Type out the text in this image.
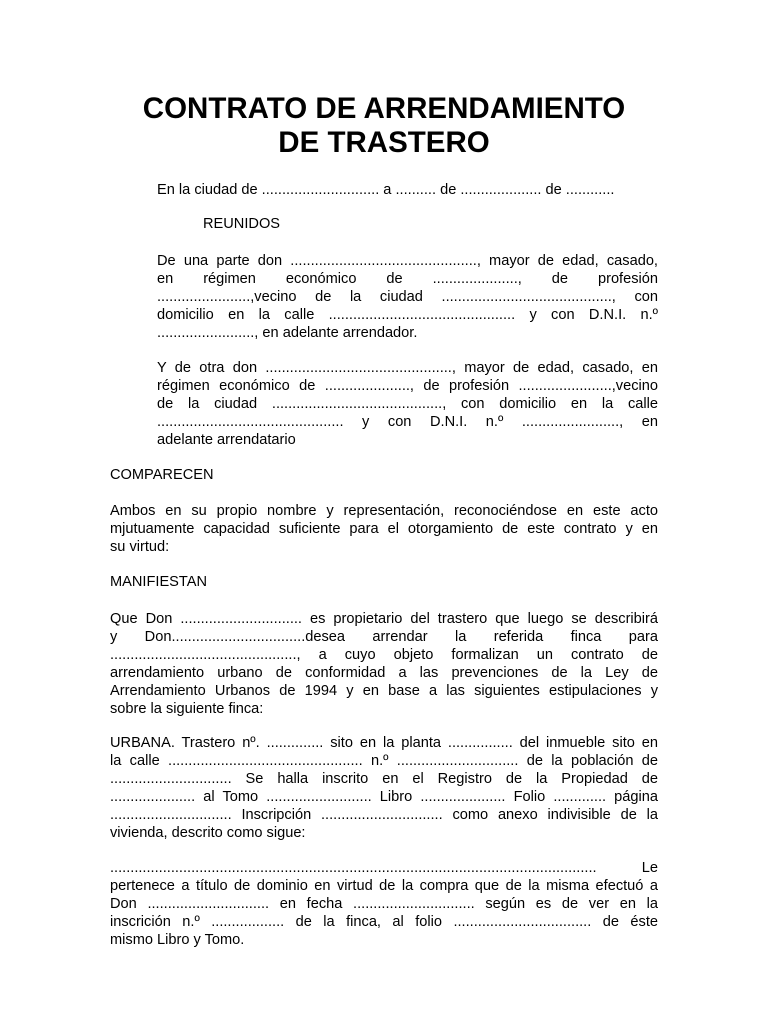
CONTRATO DE ARRENDAMIENTO
DE TRASTERO

En la ciudad de ............................. a .......... de .................... de ............

REUNIDOS

De una parte don .............................................., mayor de edad, casado,
en régimen económico de ....................., de profesión
.......................,vecino de la ciudad .........................................., con
domicilio en la calle .............................................. y con D.N.I. n.º
........................, en adelante arrendador.

Y de otra don .............................................., mayor de edad, casado, en
régimen económico de ....................., de profesión .......................,vecino
de la ciudad .........................................., con domicilio en la calle
.............................................. y con D.N.I. n.º ........................, en
adelante arrendatario

COMPARECEN

Ambos en su propio nombre y representación, reconociéndose en este acto
mjutuamente capacidad suficiente para el otorgamiento de este contrato y en
su virtud:

MANIFIESTAN

Que Don .............................. es propietario del trastero que luego se describirá
y Don.................................desea arrendar la referida finca para
.............................................., a cuyo objeto formalizan un contrato de
arrendamiento urbano de conformidad a las prevenciones de la Ley de
Arrendamiento Urbanos de 1994 y en base a las siguientes estipulaciones y
sobre la siguiente finca:

URBANA. Trastero nº. .............. sito en la planta ................ del inmueble sito en
la calle ................................................ n.º .............................. de la población de
.............................. Se halla inscrito en el Registro de la Propiedad de
..................... al Tomo .......................... Libro ..................... Folio ............. página
.............................. Inscripción .............................. como anexo indivisible de la
vivienda, descrito como sigue:

........................................................................................................................ Le
pertenece a título de dominio en virtud de la compra que de la misma efectuó a
Don .............................. en fecha .............................. según es de ver en la
inscrición n.º .................. de la finca, al folio .................................. de éste
mismo Libro y Tomo.
